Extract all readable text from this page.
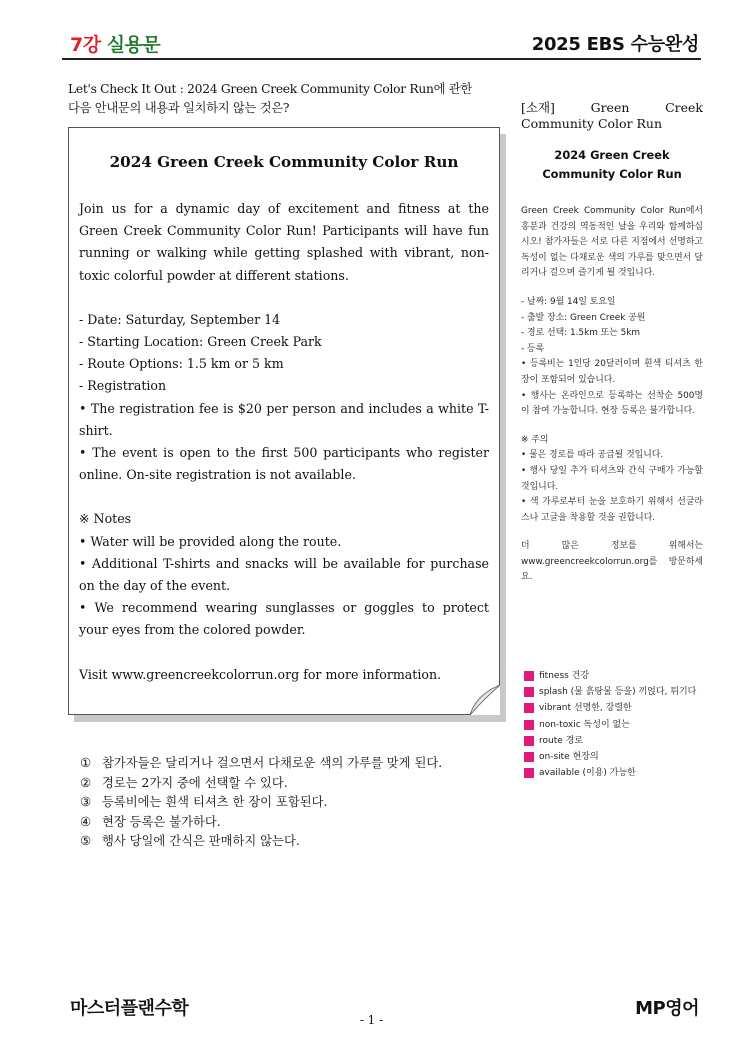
7강 실용문	2025 EBS 수능완성
Let's Check It Out : 2024 Green Creek Community Color Run에 관한
다음 안내문의 내용과 일치하지 않는 것은?
2024 Green Creek Community Color Run
Join us for a dynamic day of excitement and fitness at the Green Creek Community Color Run! Participants will have fun running or walking while getting splashed with vibrant, non-toxic colorful powder at different stations.
- Date: Saturday, September 14
- Starting Location: Green Creek Park
- Route Options: 1.5 km or 5 km
- Registration
• The registration fee is $20 per person and includes a white T-shirt.
• The event is open to the first 500 participants who register online. On-site registration is not available.
※ Notes
• Water will be provided along the route.
• Additional T-shirts and snacks will be available for purchase on the day of the event.
• We recommend wearing sunglasses or goggles to protect your eyes from the colored powder.
Visit www.greencreekcolorrun.org for more information.
[소재] Green Creek
Community Color Run
2024 Green Creek Community Color Run
Green Creek Community Color Run에서 흥분과 건강의 역동적인 날을 우리와 함께하십시오! 참가자들은 서로 다른 지점에서 선명하고 독성이 없는 다채로운 색의 가루를 맞으면서 달리거나 걸으며 즐기게 될 것입니다.
- 날짜: 9월 14일 토요일
- 출발 장소: Green Creek 공원
- 경로 선택: 1.5km 또는 5km
- 등록
• 등록비는 1인당 20달러이며 흰색 티셔츠 한 장이 포함되어 있습니다.
• 행사는 온라인으로 등록하는 선착순 500명이 참여 가능합니다. 현장 등록은 불가합니다.
※ 주의
• 물은 경로를 따라 공급될 것입니다.
• 행사 당일 추가 티셔츠와 간식 구매가 가능할 것입니다.
• 색 가루로부터 눈을 보호하기 위해서 선글라스나 고글을 착용할 것을 권합니다.
더 많은 정보를 위해서는 www.greencreekcolorrun.org를 방문하세요.
fitness 건강
splash (물 흙탕물 등을) 끼얹다, 튀기다
vibrant 선명한, 강렬한
non-toxic 독성이 없는
route 경로
on-site 현장의
available (이용) 가능한
① 참가자들은 달리거나 걸으면서 다채로운 색의 가루를 맞게 된다.
② 경로는 2가지 중에 선택할 수 있다.
③ 등록비에는 흰색 티셔츠 한 장이 포함된다.
④ 현장 등록은 불가하다.
⑤ 행사 당일에 간식은 판매하지 않는다.
마스터플랜수학	MP영어
- 1 -
